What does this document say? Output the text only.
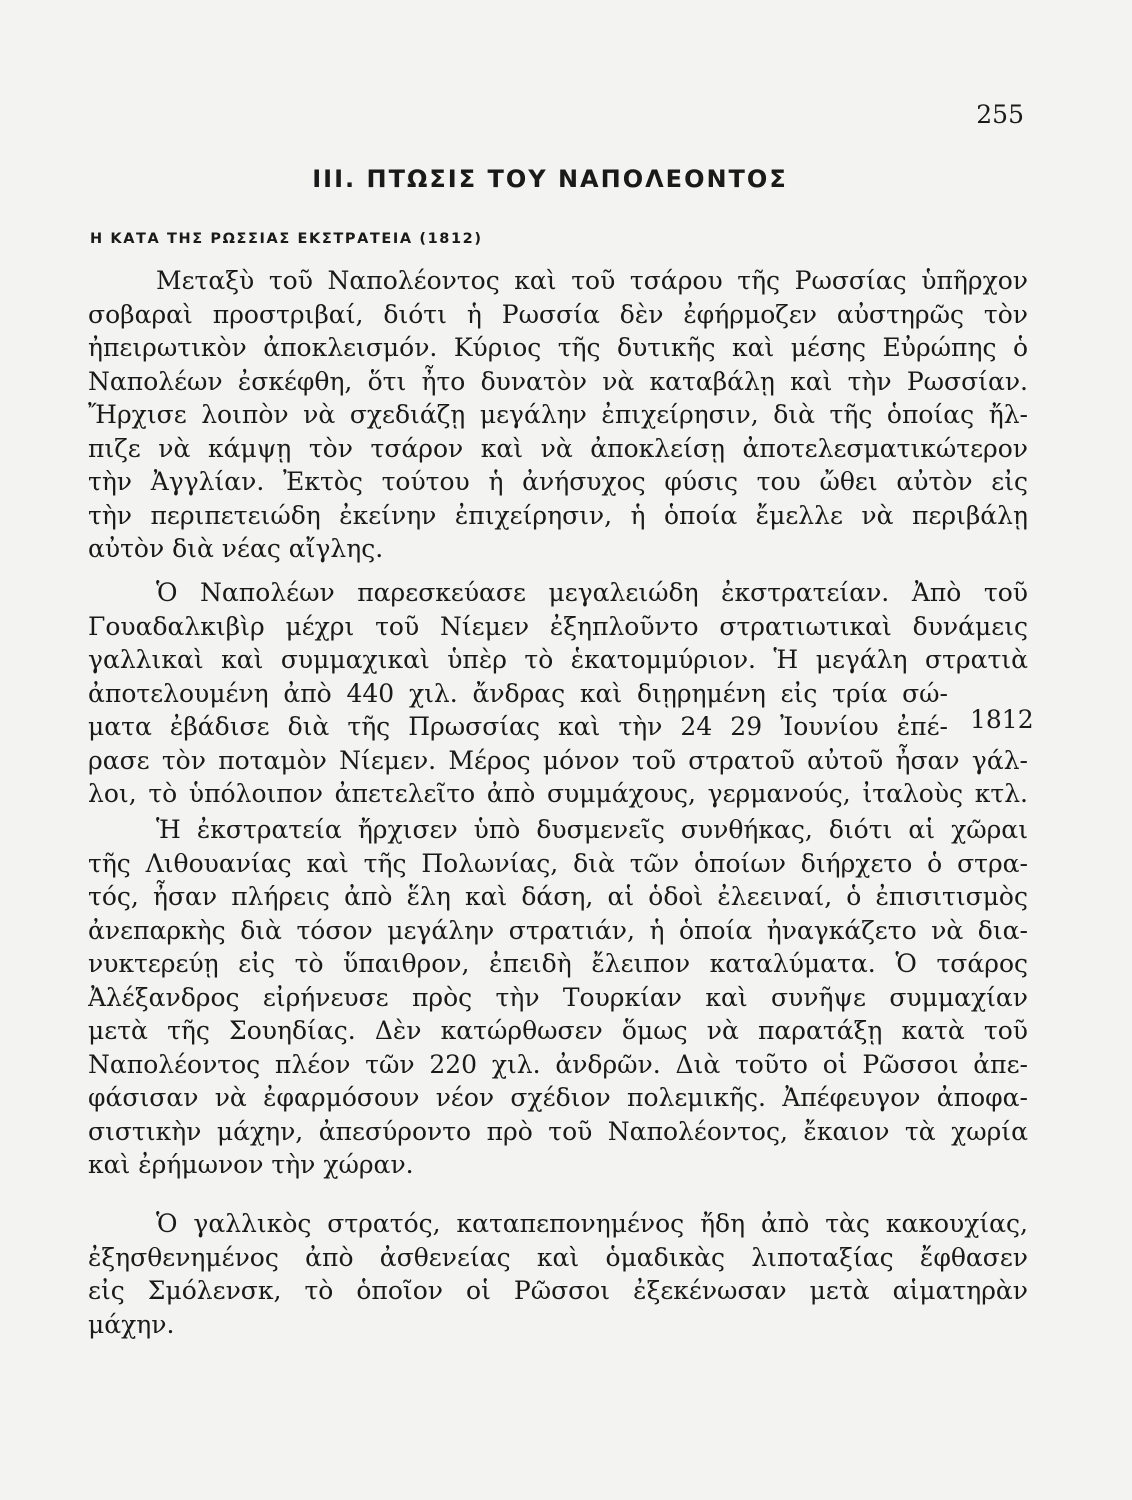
255
III. ΠΤΩΣΙΣ ΤΟΥ ΝΑΠΟΛΕΟΝΤΟΣ
Η ΚΑΤΑ ΤΗΣ ΡΩΣΣΙΑΣ ΕΚΣΤΡΑΤΕΙΑ (1812)
1812
Μεταξὺ τοῦ Ναπολέοντος καὶ τοῦ τσάρου τῆς Ρωσσίας ὑπῆρχον
σοβαραὶ προστριβαί, διότι ἡ Ρωσσία δὲν ἐφήρμοζεν αὐστηρῶς τὸν
ἠπειρωτικὸν ἀποκλεισμόν. Κύριος τῆς δυτικῆς καὶ μέσης Εὐρώπης ὁ
Ναπολέων ἐσκέφθη, ὅτι ἦτο δυνατὸν νὰ καταβάλῃ καὶ τὴν Ρωσσίαν.
Ἤρχισε λοιπὸν νὰ σχεδιάζῃ μεγάλην ἐπιχείρησιν, διὰ τῆς ὁποίας ἤλ-
πιζε νὰ κάμψῃ τὸν τσάρον καὶ νὰ ἀποκλείσῃ ἀποτελεσματικώτερον
τὴν Ἀγγλίαν. Ἐκτὸς τούτου ἡ ἀνήσυχος φύσις του ὤθει αὐτὸν εἰς
τὴν περιπετειώδη ἐκείνην ἐπιχείρησιν, ἡ ὁποία ἔμελλε νὰ περιβάλῃ
αὐτὸν διὰ νέας αἴγλης.
Ὁ Ναπολέων παρεσκεύασε μεγαλειώδη ἐκστρατείαν. Ἀπὸ τοῦ
Γουαδαλκιβὶρ μέχρι τοῦ Νίεμεν ἐξηπλοῦντο στρατιωτικαὶ δυνάμεις
γαλλικαὶ καὶ συμμαχικαὶ ὑπὲρ τὸ ἑκατομμύριον. Ἡ μεγάλη στρατιὰ
ἀποτελουμένη ἀπὸ 440 χιλ. ἄνδρας καὶ διῃρημένη εἰς τρία σώ-
ματα ἐβάδισε διὰ τῆς Πρωσσίας καὶ τὴν 24 29 Ἰουνίου ἐπέ-
ρασε τὸν ποταμὸν Νίεμεν. Μέρος μόνον τοῦ στρατοῦ αὐτοῦ ἦσαν γάλ-
λοι, τὸ ὑπόλοιπον ἀπετελεῖτο ἀπὸ συμμάχους, γερμανούς, ἰταλοὺς κτλ.
Ἡ ἐκστρατεία ἤρχισεν ὑπὸ δυσμενεῖς συνθήκας, διότι αἱ χῶραι
τῆς Λιθουανίας καὶ τῆς Πολωνίας, διὰ τῶν ὁποίων διήρχετο ὁ στρα-
τός, ἦσαν πλήρεις ἀπὸ ἕλη καὶ δάση, αἱ ὁδοὶ ἐλεειναί, ὁ ἐπισιτισμὸς
ἀνεπαρκὴς διὰ τόσον μεγάλην στρατιάν, ἡ ὁποία ἠναγκάζετο νὰ δια-
νυκτερεύῃ εἰς τὸ ὕπαιθρον, ἐπειδὴ ἔλειπον καταλύματα. Ὁ τσάρος
Ἀλέξανδρος εἰρήνευσε πρὸς τὴν Τουρκίαν καὶ συνῆψε συμμαχίαν
μετὰ τῆς Σουηδίας. Δὲν κατώρθωσεν ὅμως νὰ παρατάξῃ κατὰ τοῦ
Ναπολέοντος πλέον τῶν 220 χιλ. ἀνδρῶν. Διὰ τοῦτο οἱ Ρῶσσοι ἀπε-
φάσισαν νὰ ἐφαρμόσουν νέον σχέδιον πολεμικῆς. Ἀπέφευγον ἀποφα-
σιστικὴν μάχην, ἀπεσύροντο πρὸ τοῦ Ναπολέοντος, ἔκαιον τὰ χωρία
καὶ ἐρήμωνον τὴν χώραν.
Ὁ γαλλικὸς στρατός, καταπεπονημένος ἤδη ἀπὸ τὰς κακουχίας,
ἐξησθενημένος ἀπὸ ἀσθενείας καὶ ὁμαδικὰς λιποταξίας ἔφθασεν
εἰς Σμόλενσκ, τὸ ὁποῖον οἱ Ρῶσσοι ἐξεκένωσαν μετὰ αἱματηρὰν
μάχην.
